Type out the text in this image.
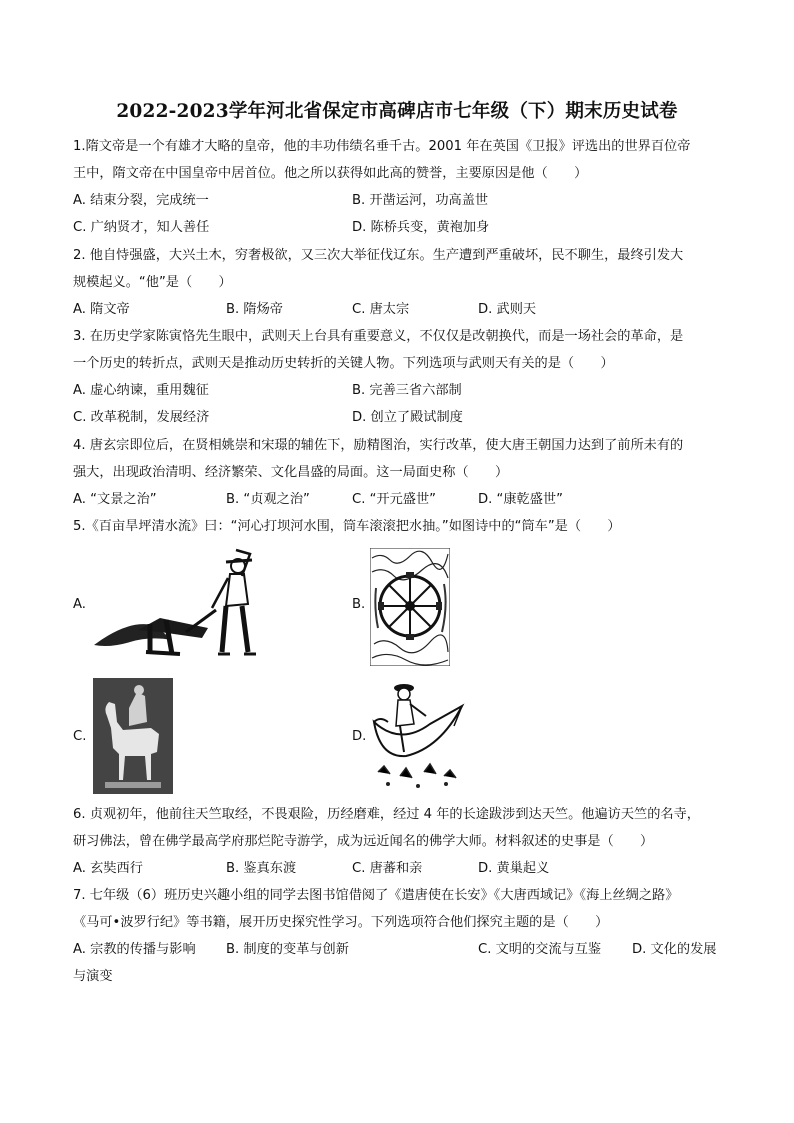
2022-2023学年河北省保定市高碑店市七年级（下）期末历史试卷
1.隋文帝是一个有雄才大略的皇帝，他的丰功伟绩名垂千古。2001 年在英国《卫报》评选出的世界百位帝
王中，隋文帝在中国皇帝中居首位。他之所以获得如此高的赞誉，主要原因是他（　　）
A. 结束分裂，完成统一	B. 开凿运河，功高盖世
C. 广纳贤才，知人善任	D. 陈桥兵变，黄袍加身
2. 他自恃强盛，大兴土木，穷奢极欲，又三次大举征伐辽东。生产遭到严重破坏，民不聊生，最终引发大
规模起义。“他”是（　　）
A. 隋文帝	B. 隋炀帝	C. 唐太宗	D. 武则天
3. 在历史学家陈寅恪先生眼中，武则天上台具有重要意义，不仅仅是改朝换代，而是一场社会的革命，是
一个历史的转折点，武则天是推动历史转折的关键人物。下列选项与武则天有关的是（　　）
A. 虚心纳谏，重用魏征	B. 完善三省六部制
C. 改革税制，发展经济	D. 创立了殿试制度
4. 唐玄宗即位后，在贤相姚崇和宋璟的辅佐下，励精图治，实行改革，使大唐王朝国力达到了前所未有的
强大，出现政治清明、经济繁荣、文化昌盛的局面。这一局面史称（　　）
A. “文景之治”	B. “贞观之治”	C. “开元盛世”	D. “康乾盛世”
5.《百亩旱坪清水流》曰：“河心打坝河水围，筒车滚滚把水抽。”如图诗中的“筒车”是（　　）
A.	B.
C.	D.
6. 贞观初年，他前往天竺取经，不畏艰险，历经磨难，经过 4 年的长途跋涉到达天竺。他遍访天竺的名寺，
研习佛法，曾在佛学最高学府那烂陀寺游学，成为远近闻名的佛学大师。材料叙述的史事是（　　）
A. 玄奘西行	B. 鉴真东渡	C. 唐蕃和亲	D. 黄巢起义
7. 七年级（6）班历史兴趣小组的同学去图书馆借阅了《遣唐使在长安》《大唐西域记》《海上丝绸之路》
《马可•波罗行纪》等书籍，展开历史探究性学习。下列选项符合他们探究主题的是（　　）
A. 宗教的传播与影响 B. 制度的变革与创新	C. 文明的交流与互鉴 D. 文化的发展
与演变
